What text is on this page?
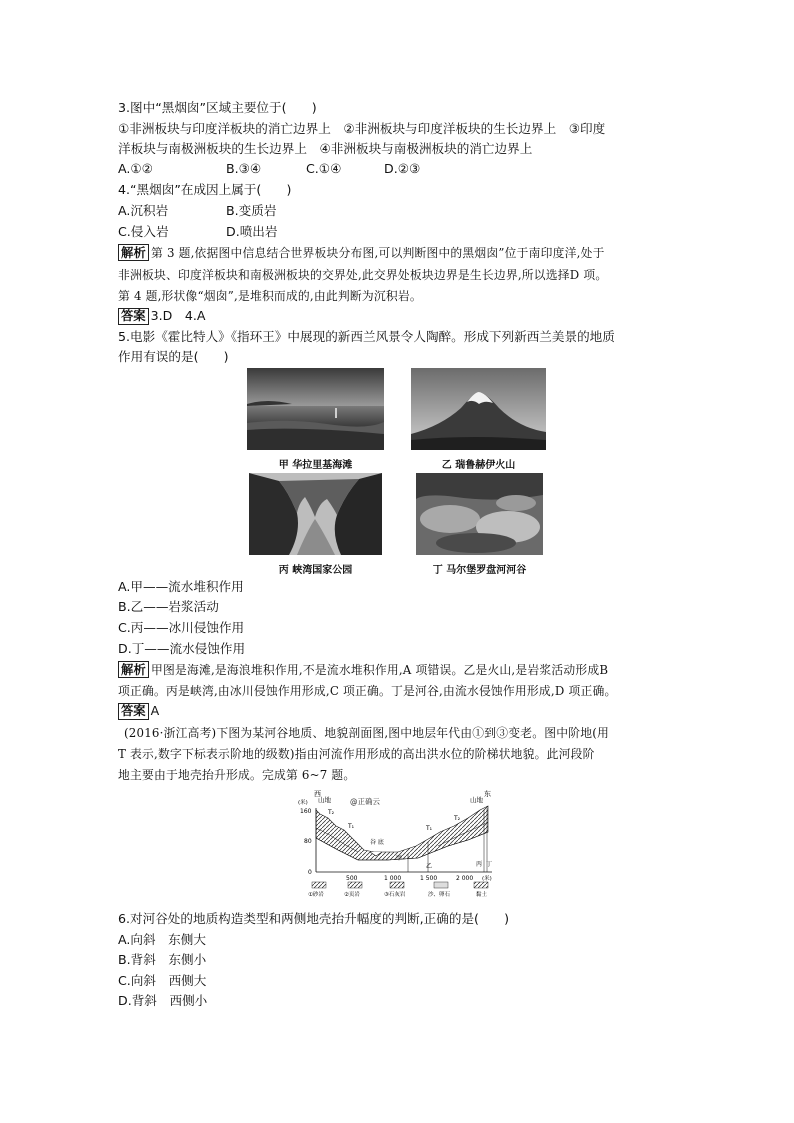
3.图中“黑烟囱”区域主要位于(　　)
①非洲板块与印度洋板块的消亡边界上　②非洲板块与印度洋板块的生长边界上　③印度
洋板块与南极洲板块的生长边界上　④非洲板块与南极洲板块的消亡边界上
A.①②	B.③④	C.①④	D.②③
4.“黑烟囱”在成因上属于(　　)
A.沉积岩	B.变质岩
C.侵入岩	D.喷出岩
解析 第 3 题,依据图中信息结合世界板块分布图,可以判断图中的黑烟囱”位于南印度洋,处于
非洲板块、印度洋板块和南极洲板块的交界处,此交界处板块边界是生长边界,所以选择D 项。
第 4 题,形状像“烟囱”,是堆积而成的,由此判断为沉积岩。
答案 3.D　4.A
5.电影《霍比特人》《指环王》中展现的新西兰风景令人陶醉。形成下列新西兰美景的地质
作用有误的是(　　)
甲 华拉里基海滩	乙 瑞鲁赫伊火山
丙 峡湾国家公园	丁 马尔堡罗盘河河谷
A.甲——流水堆积作用
B.乙——岩浆活动
C.丙——冰川侵蚀作用
D.丁——流水侵蚀作用
解析 甲图是海滩,是海浪堆积作用,不是流水堆积作用,A 项错误。乙是火山,是岩浆活动形成B
项正确。丙是峡湾,由冰川侵蚀作用形成,C 项正确。丁是河谷,由流水侵蚀作用形成,D 项正确。
答案 A
(2016·浙江高考)下图为某河谷地质、地貌剖面图,图中地层年代由①到③变老。图中阶地(用
T 表示,数字下标表示阶地的级数)指由河流作用形成的高出洪水位的阶梯状地貌。此河段阶
地主要由于地壳抬升形成。完成第 6~7 题。
西	东
山地	山地
(米)
160
80
0
500	1 000	1 500	2 000 (米)
@正确云
谷 底
T₂
T₁	T₁
T₂
甲
乙	丙 丁
①砂岩	②页岩	③石灰岩	沙、卵石	黏土
6.对河谷处的地质构造类型和两侧地壳抬升幅度的判断,正确的是(　　)
A.向斜　东侧大
B.背斜　东侧小
C.向斜　西侧大
D.背斜　西侧小
